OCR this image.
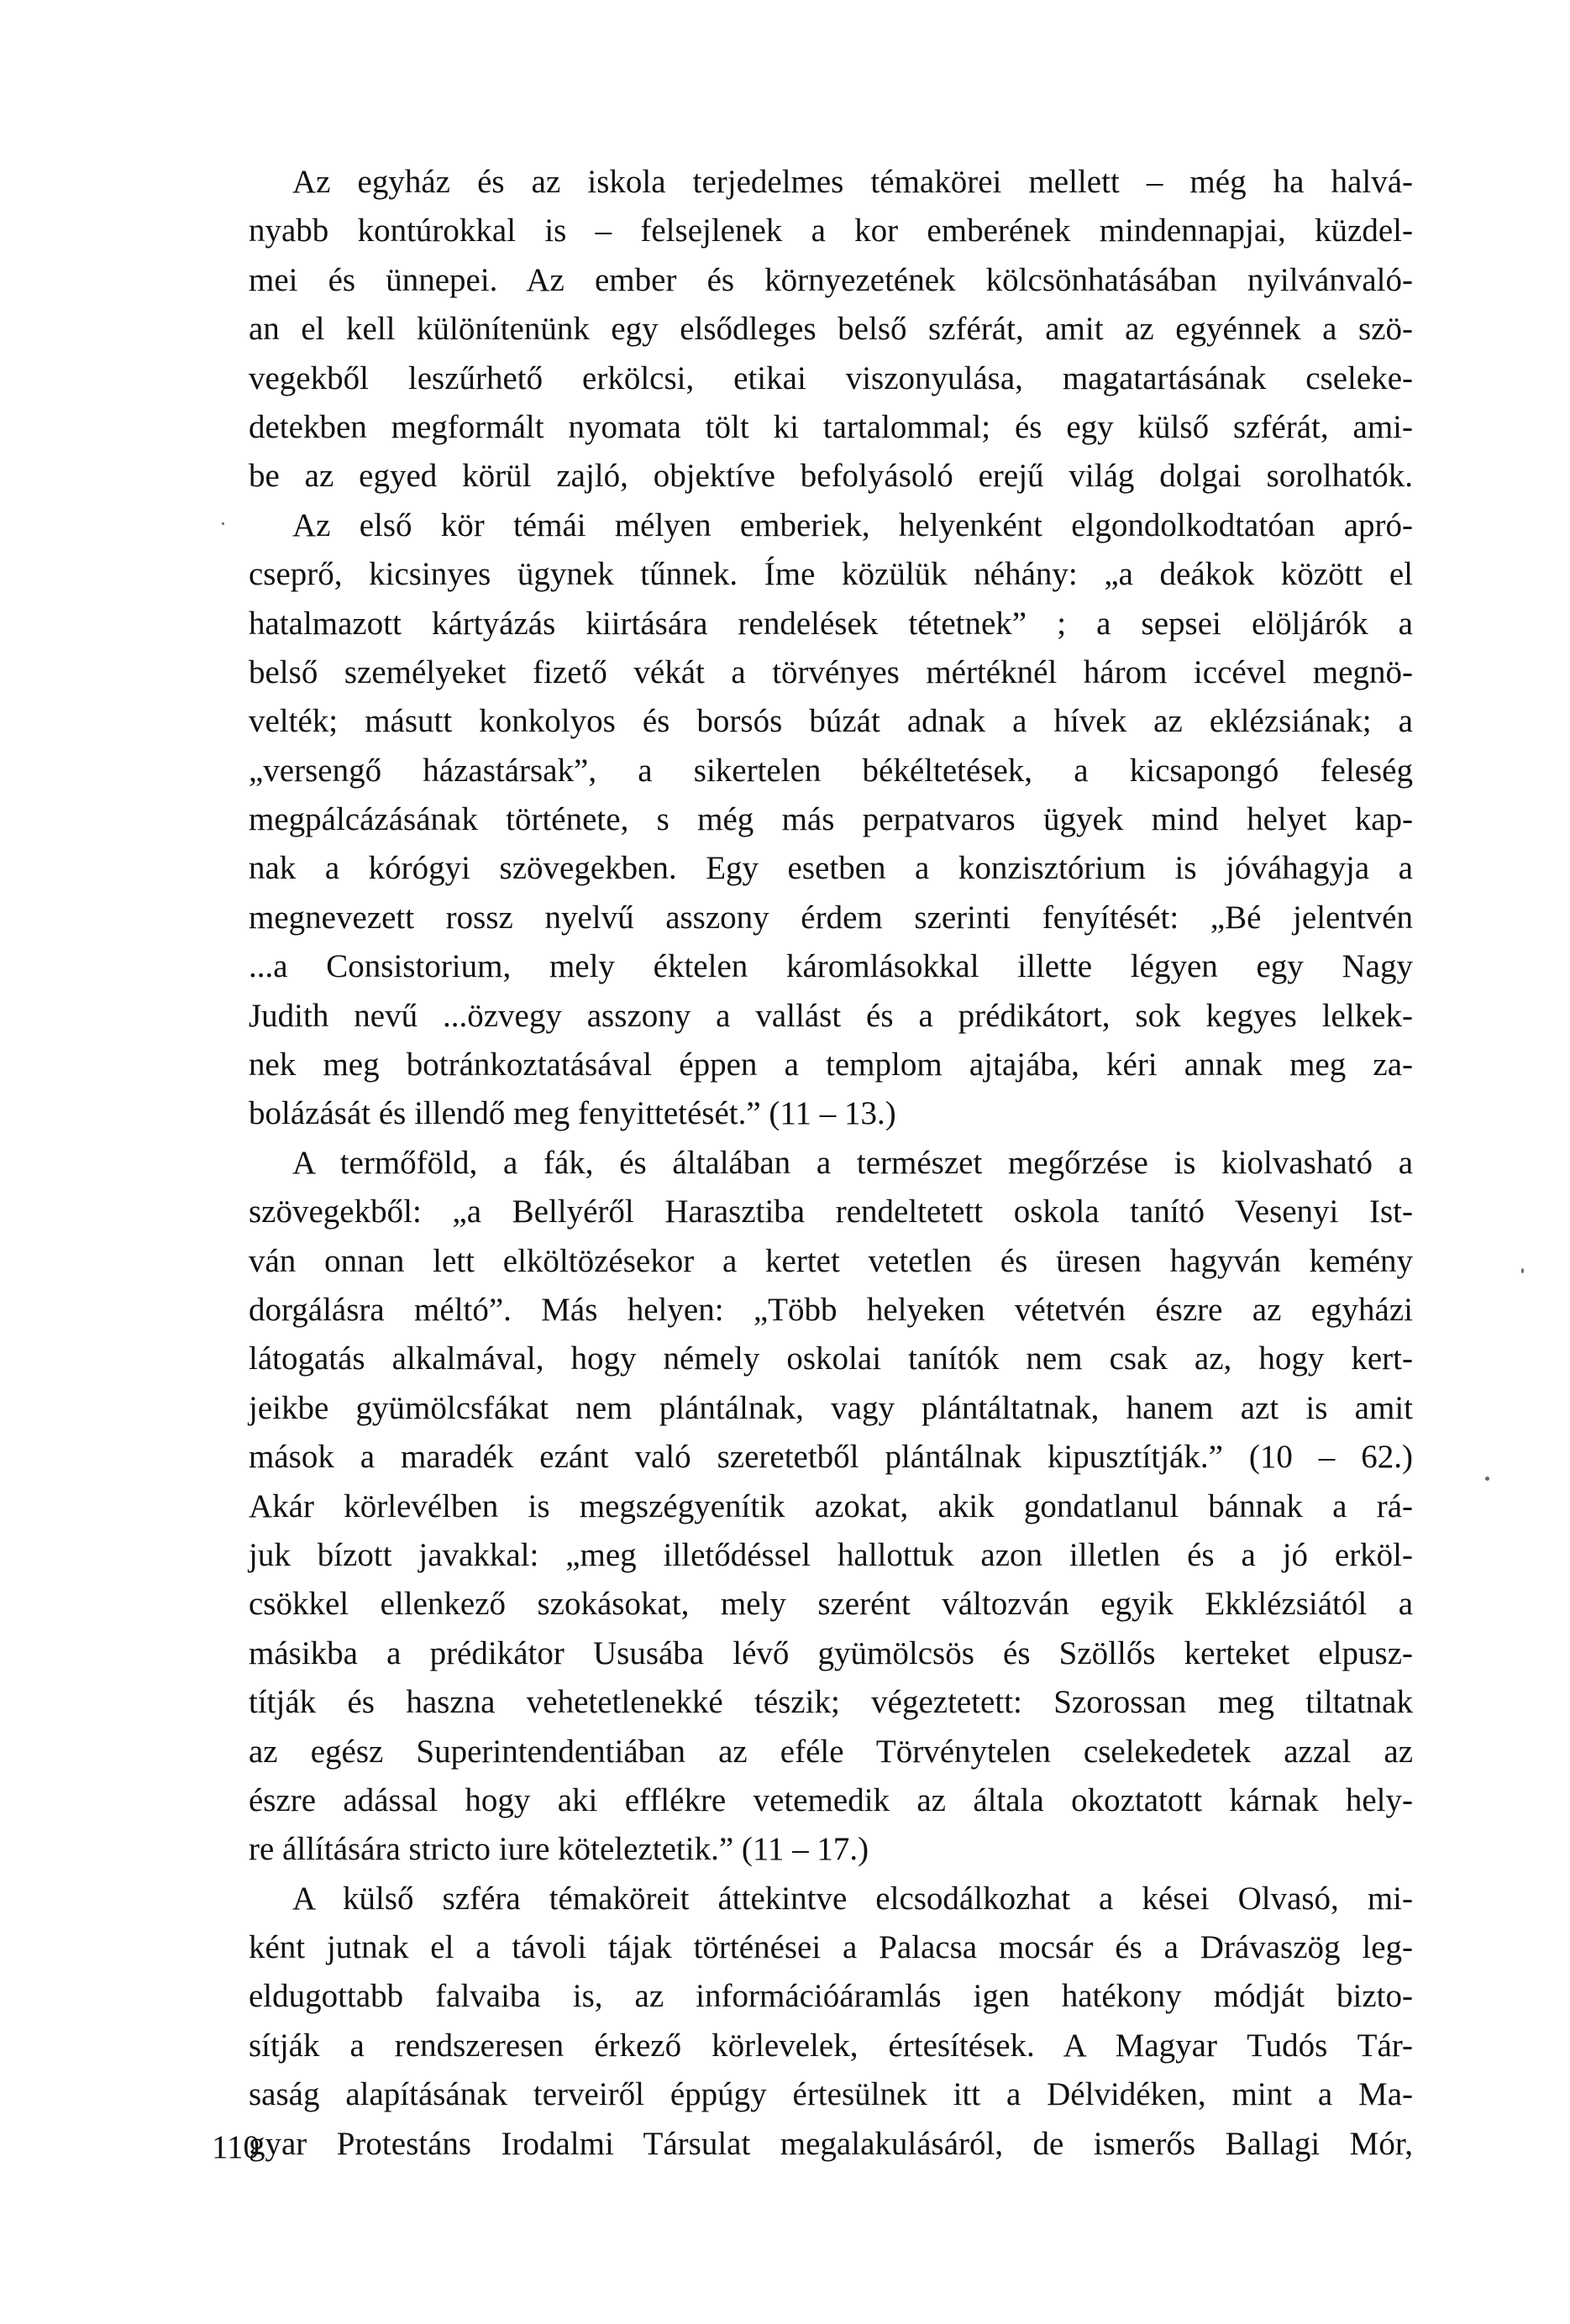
Az egyház és az iskola terjedelmes témakörei mellett – még ha halvá-
nyabb kontúrokkal is – felsejlenek a kor emberének mindennapjai, küzdel-
mei és ünnepei. Az ember és környezetének kölcsönhatásában nyilvánvaló-
an el kell különítenünk egy elsődleges belső szférát, amit az egyénnek a szö-
vegekből leszűrhető erkölcsi, etikai viszonyulása, magatartásának cseleke-
detekben megformált nyomata tölt ki tartalommal; és egy külső szférát, ami-
be az egyed körül zajló, objektíve befolyásoló erejű világ dolgai sorolhatók.
Az első kör témái mélyen emberiek, helyenként elgondolkodtatóan apró-
cseprő, kicsinyes ügynek tűnnek. Íme közülük néhány: „a deákok között el
hatalmazott kártyázás kiirtására rendelések tétetnek” ; a sepsei elöljárók a
belső személyeket fizető vékát a törvényes mértéknél három iccével megnö-
velték; másutt konkolyos és borsós búzát adnak a hívek az eklézsiának; a
„versengő házastársak”, a sikertelen békéltetések, a kicsapongó feleség
megpálcázásának története, s még más perpatvaros ügyek mind helyet kap-
nak a kórógyi szövegekben. Egy esetben a konzisztórium is jóváhagyja a
megnevezett rossz nyelvű asszony érdem szerinti fenyítését: „Bé jelentvén
...a Consistorium, mely éktelen káromlásokkal illette légyen egy Nagy
Judith nevű ...özvegy asszony a vallást és a prédikátort, sok kegyes lelkek-
nek meg botránkoztatásával éppen a templom ajtajába, kéri annak meg za-
bolázását és illendő meg fenyittetését.” (11 – 13.)
A termőföld, a fák, és általában a természet megőrzése is kiolvasható a
szövegekből: „a Bellyéről Harasztiba rendeltetett oskola tanító Vesenyi Ist-
ván onnan lett elköltözésekor a kertet vetetlen és üresen hagyván kemény
dorgálásra méltó”. Más helyen: „Több helyeken vétetvén észre az egyházi
látogatás alkalmával, hogy némely oskolai tanítók nem csak az, hogy kert-
jeikbe gyümölcsfákat nem plántálnak, vagy plántáltatnak, hanem azt is amit
mások a maradék ezánt való szeretetből plántálnak kipusztítják.” (10 – 62.)
Akár körlevélben is megszégyenítik azokat, akik gondatlanul bánnak a rá-
juk bízott javakkal: „meg illetődéssel hallottuk azon illetlen és a jó erköl-
csökkel ellenkező szokásokat, mely szerént változván egyik Ekklézsiától a
másikba a prédikátor Ususába lévő gyümölcsös és Szöllős kerteket elpusz-
títják és haszna vehetetlenekké tészik; végeztetett: Szorossan meg tiltatnak
az egész Superintendentiában az eféle Törvénytelen cselekedetek azzal az
észre adással hogy aki efflékre vetemedik az általa okoztatott kárnak hely-
re állítására stricto iure köteleztetik.” (11 – 17.)
A külső szféra témaköreit áttekintve elcsodálkozhat a kései Olvasó, mi-
ként jutnak el a távoli tájak történései a Palacsa mocsár és a Drávaszög leg-
eldugottabb falvaiba is, az információáramlás igen hatékony módját bizto-
sítják a rendszeresen érkező körlevelek, értesítések. A Magyar Tudós Tár-
saság alapításának terveiről éppúgy értesülnek itt a Délvidéken, mint a Ma-
gyar Protestáns Irodalmi Társulat megalakulásáról, de ismerős Ballagi Mór,
110
